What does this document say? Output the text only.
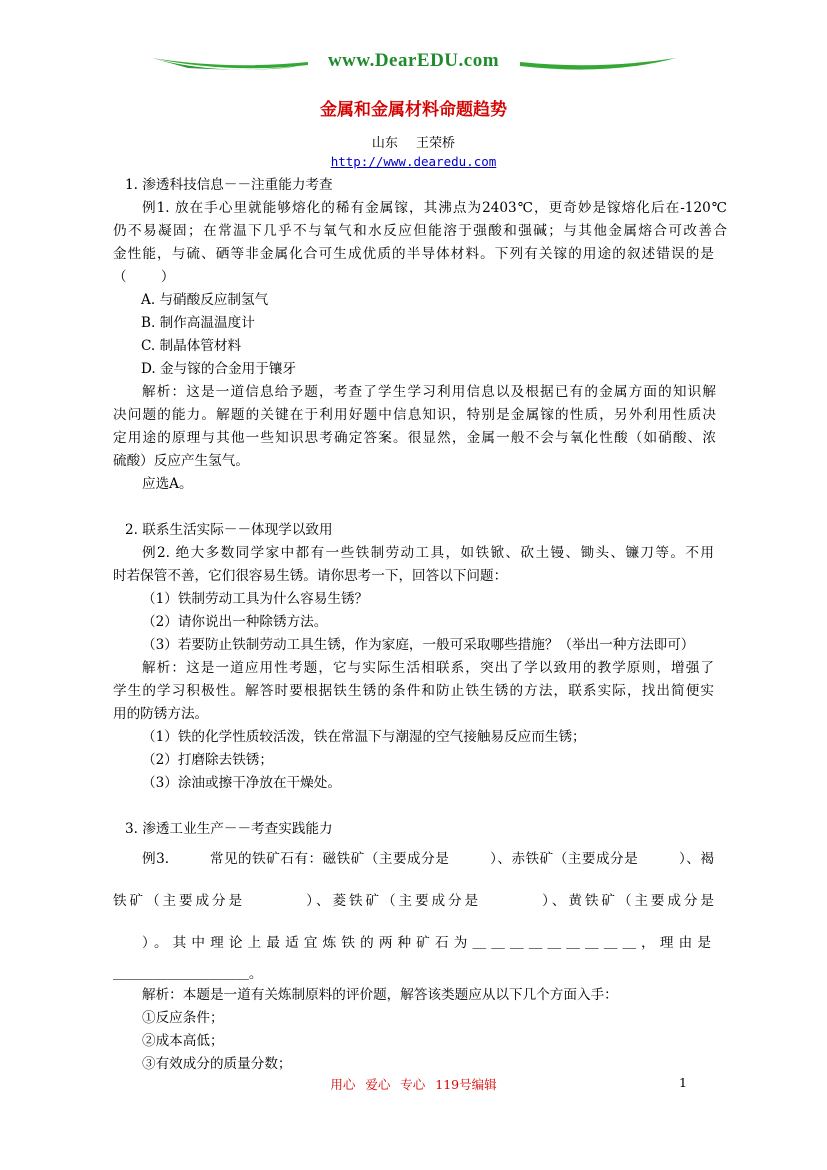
www.DearEDU.com
金属和金属材料命题趋势
山东 王荣桥
http://www.dearedu.com
1. 渗透科技信息－－注重能力考查
例1. 放在手心里就能够熔化的稀有金属镓，其沸点为2403℃，更奇妙是镓熔化后在-120℃
仍不易凝固；在常温下几乎不与氧气和水反应但能溶于强酸和强碱；与其他金属熔合可改善合
金性能，与硫、硒等非金属化合可生成优质的半导体材料。下列有关镓的用途的叙述错误的是
（ ）
A. 与硝酸反应制氢气
B. 制作高温温度计
C. 制晶体管材料
D. 金与镓的合金用于镶牙
解析：这是一道信息给予题，考查了学生学习利用信息以及根据已有的金属方面的知识解
决问题的能力。解题的关键在于利用好题中信息知识，特别是金属镓的性质，另外利用性质决
定用途的原理与其他一些知识思考确定答案。很显然，金属一般不会与氧化性酸（如硝酸、浓
硫酸）反应产生氢气。
应选A。
2. 联系生活实际－－体现学以致用
例2. 绝大多数同学家中都有一些铁制劳动工具，如铁锨、砍土镘、锄头、镰刀等。不用
时若保管不善，它们很容易生锈。请你思考一下，回答以下问题：
（1）铁制劳动工具为什么容易生锈？
（2）请你说出一种除锈方法。
（3）若要防止铁制劳动工具生锈，作为家庭，一般可采取哪些措施？（举出一种方法即可）
解析：这是一道应用性考题，它与实际生活相联系，突出了学以致用的教学原则，增强了
学生的学习积极性。解答时要根据铁生锈的条件和防止铁生锈的方法，联系实际，找出简便实
用的防锈方法。
（1）铁的化学性质较活泼，铁在常温下与潮湿的空气接触易反应而生锈；
（2）打磨除去铁锈；
（3）涂油或擦干净放在干燥处。
3. 渗透工业生产－－考查实践能力
例3. 常见的铁矿石有：磁铁矿（主要成分是 ）、赤铁矿（主要成分是 ）、褐
铁矿（主要成分是 ）、菱铁矿（主要成分是 ）、黄铁矿（主要成分是
）。其中理论上最适宜炼铁的两种矿石为＿＿＿＿＿＿＿＿＿，理由是
＿＿＿＿＿＿＿＿＿＿。
解析：本题是一道有关炼制原料的评价题，解答该类题应从以下几个方面入手：
①反应条件；
②成本高低；
③有效成分的质量分数；
用心 爱心 专心 119号编辑	1
